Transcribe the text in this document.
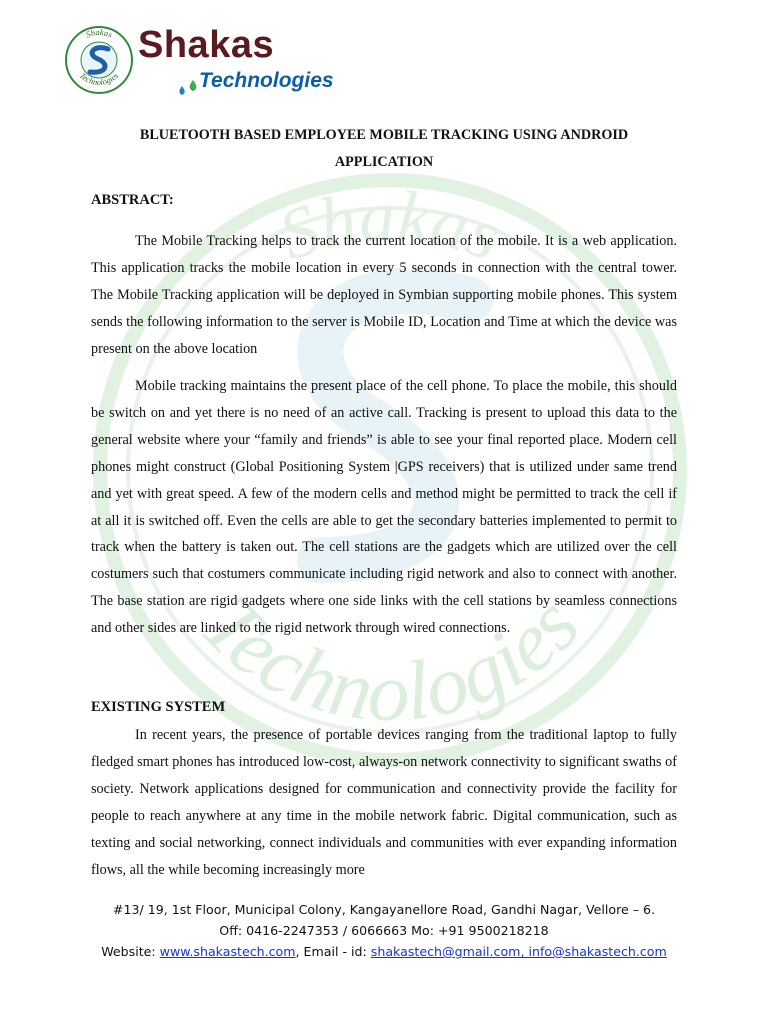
Shakas
Technologies
Shakas
Technologies
Shakas
Technologies
BLUETOOTH BASED EMPLOYEE MOBILE TRACKING USING ANDROID
APPLICATION
ABSTRACT:

The Mobile Tracking helps to track the current location of the mobile. It is a web application. This application tracks the mobile location in every 5 seconds in connection with the central tower. The Mobile Tracking application will be deployed in Symbian supporting mobile phones. This system sends the following information to the server is Mobile ID, Location and Time at which the device was present on the above location

Mobile tracking maintains the present place of the cell phone. To place the mobile, this should be switch on and yet there is no need of an active call. Tracking is present to upload this data to the general website where your “family and friends” is able to see your final reported place. Modern cell phones might construct (Global Positioning System |GPS receivers) that is utilized under same trend and yet with great speed. A few of the modern cells and method might be permitted to track the cell if at all it is switched off. Even the cells are able to get the secondary batteries implemented to permit to track when the battery is taken out. The cell stations are the gadgets which are utilized over the cell costumers such that costumers communicate including rigid network and also to connect with another. The base station are rigid gadgets where one side links with the cell stations by seamless connections and other sides are linked to the rigid network through wired connections.

EXISTING SYSTEM

In recent years, the presence of portable devices ranging from the traditional laptop to fully fledged smart phones has introduced low-cost, always-on network connectivity to significant swaths of society. Network applications designed for communication and connectivity provide the facility for people to reach anywhere at any time in the mobile network fabric. Digital communication, such as texting and social networking, connect individuals and communities with ever expanding information flows, all the while becoming increasingly more

#13/ 19, 1st Floor, Municipal Colony, Kangayanellore Road, Gandhi Nagar, Vellore – 6.
Off: 0416-2247353 / 6066663 Mo: +91 9500218218
Website: www.shakastech.com, Email - id: shakastech@gmail.com, info@shakastech.com
